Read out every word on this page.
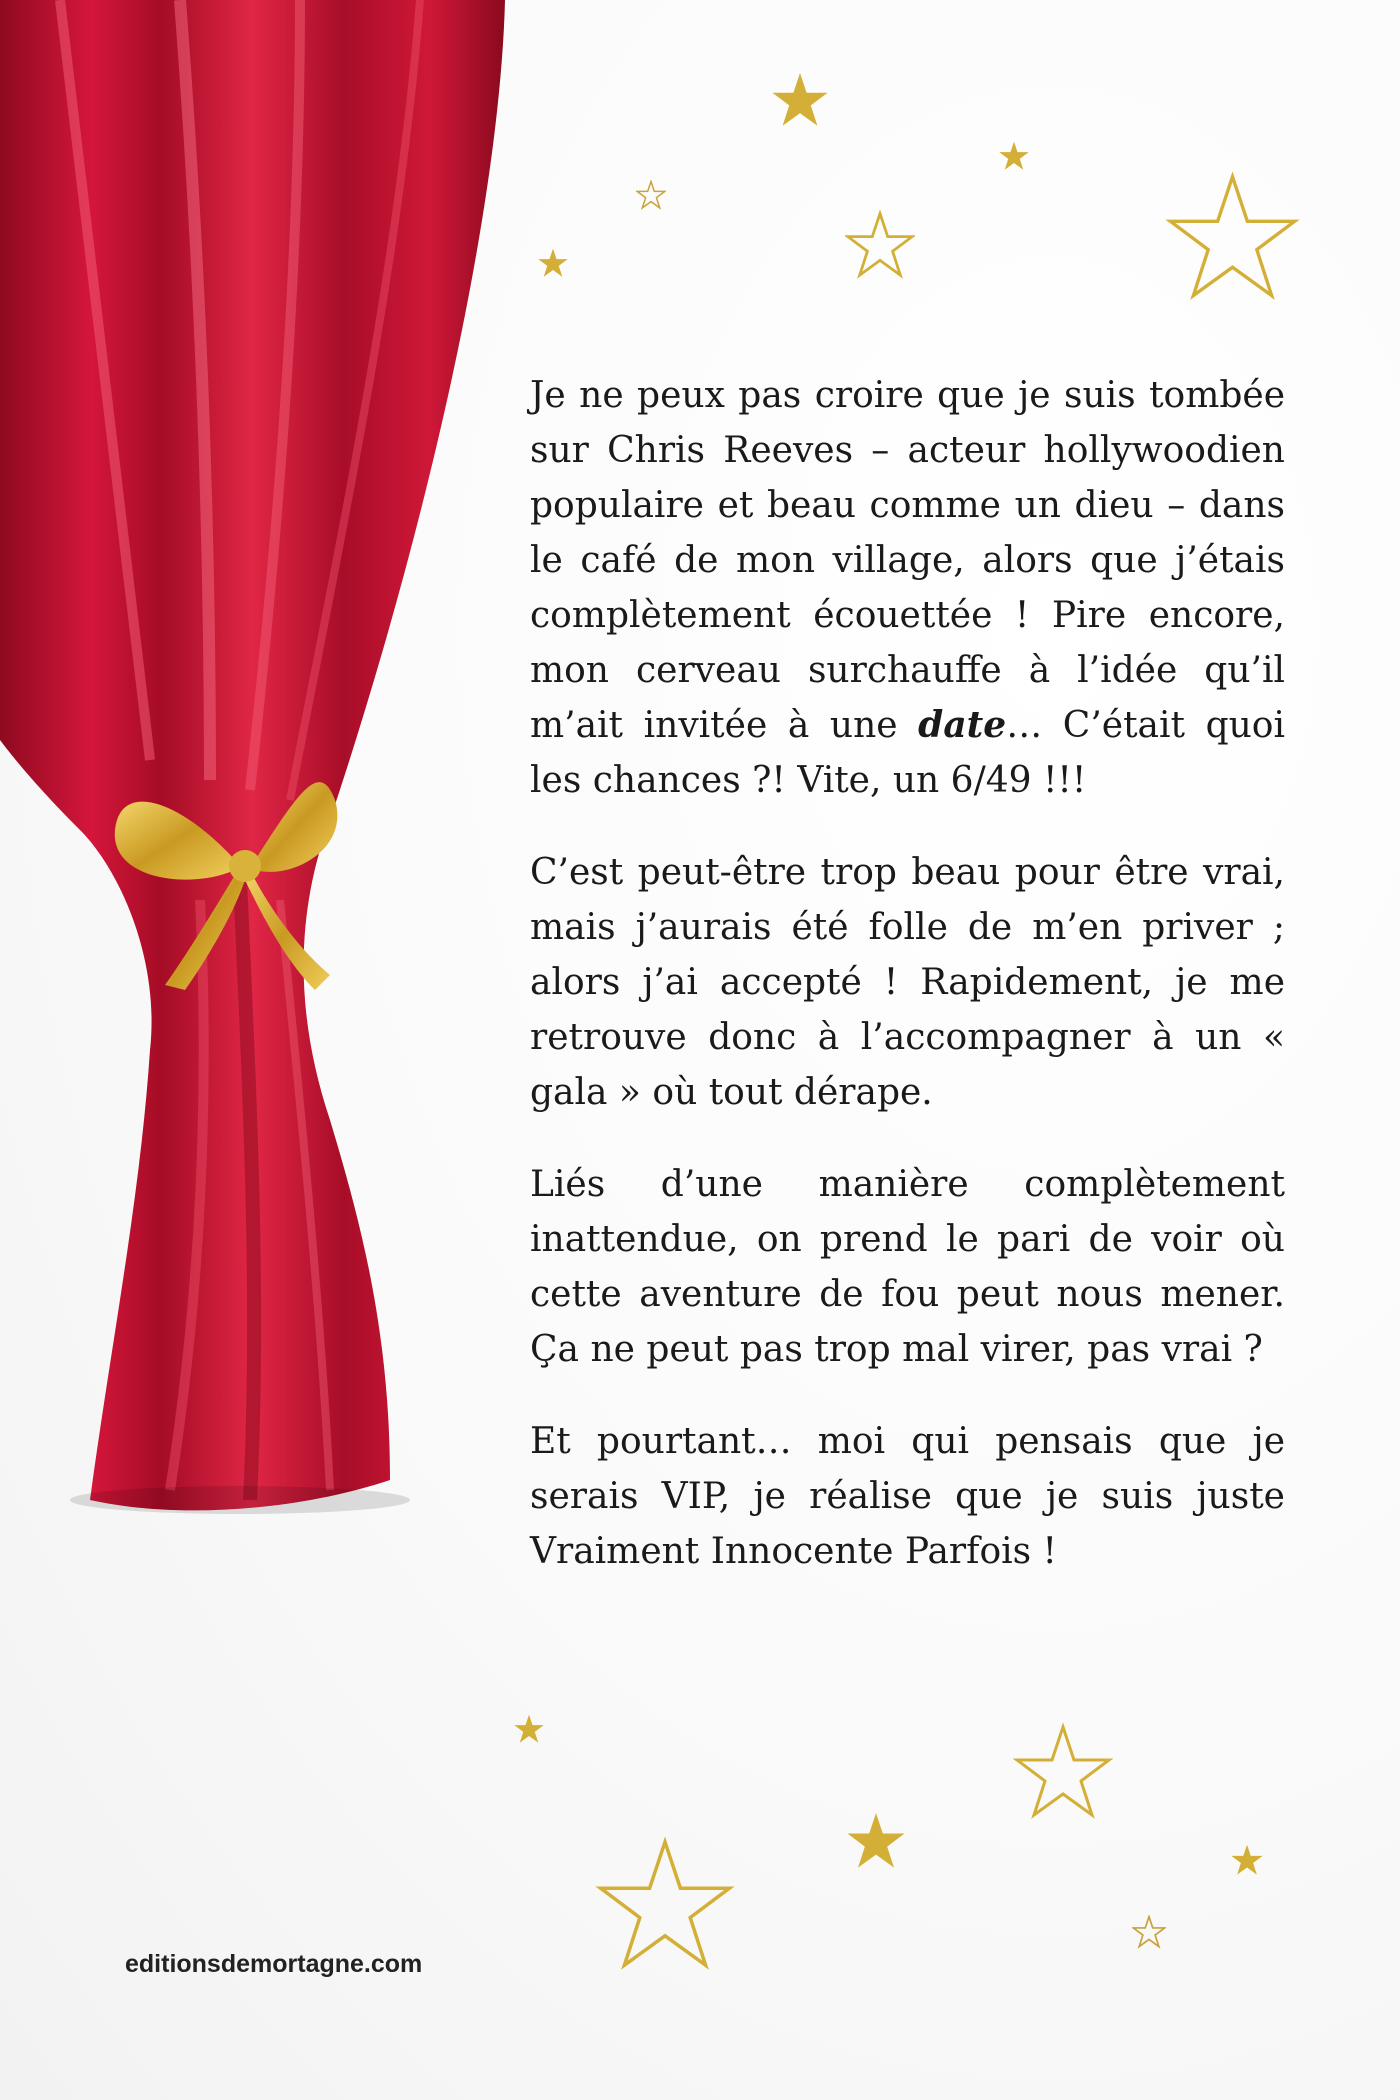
Je ne peux pas croire que je suis tombée sur Chris Reeves – acteur hollywoodien populaire et beau comme un dieu – dans le café de mon village, alors que j’étais complètement écouettée ! Pire encore, mon cerveau surchauffe à l’idée qu’il m’ait invitée à une date… C’était quoi les chances ?! Vite, un 6/49 !!!

C’est peut-être trop beau pour être vrai, mais j’aurais été folle de m’en priver ; alors j’ai accepté ! Rapidement, je me retrouve donc à l’accompagner à un « gala » où tout dérape.

Liés d’une manière complètement inattendue, on prend le pari de voir où cette aventure de fou peut nous mener. Ça ne peut pas trop mal virer, pas vrai ?

Et pourtant… moi qui pensais que je serais VIP, je réalise que je suis juste Vraiment Innocente Parfois !

editionsdemortagne.com
